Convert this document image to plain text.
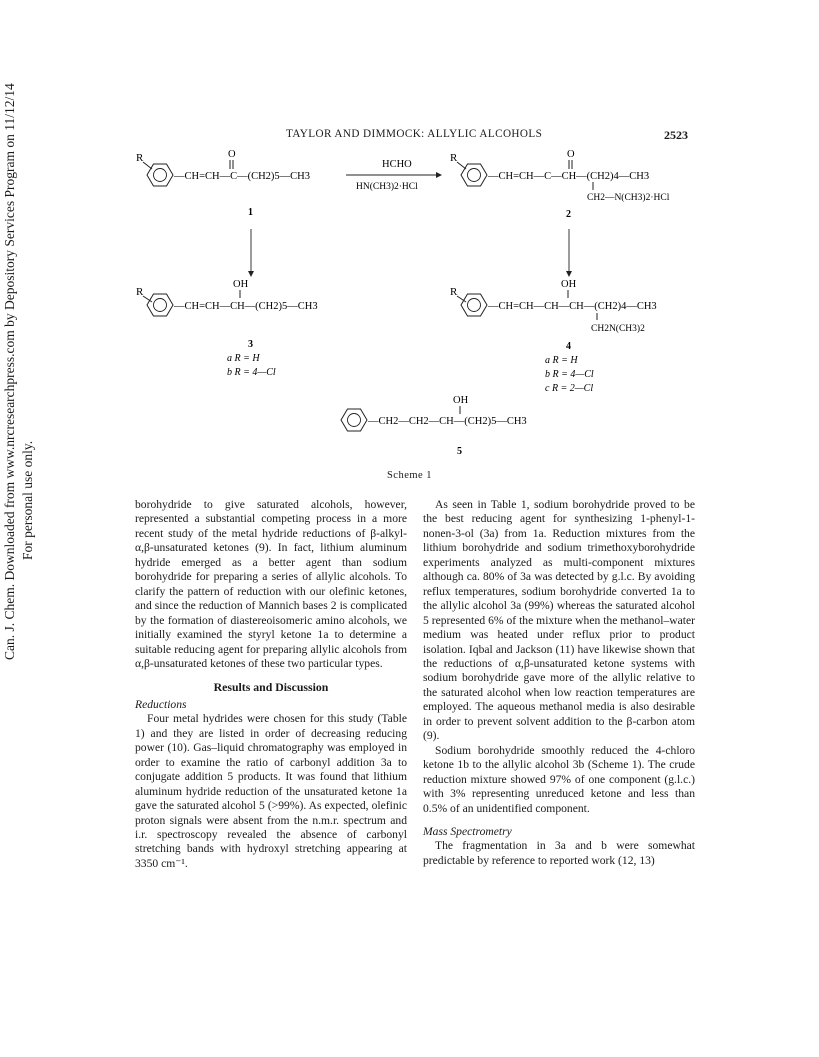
Can. J. Chem. Downloaded from www.nrcresearchpress.com by Depository Services Program on 11/12/14 For personal use only.
TAYLOR AND DIMMOCK: ALLYLIC ALCOHOLS	2523
R
—CH=CH—C—(CH2)5—CH3
O
1
HCHO
HN(CH3)2·HCl
R
—CH=CH—C—CH—(CH2)4—CH3
O
CH2—N(CH3)2·HCl
2
R
—CH=CH—CH—(CH2)5—CH3
OH
3
a R = H
b R = 4—Cl
R
—CH=CH—CH—CH—(CH2)4—CH3
OH
CH2N(CH3)2
4
a R = H
b R = 4—Cl
c R = 2—Cl
—CH2—CH2—CH—(CH2)5—CH3
OH
5
Scheme 1

borohydride to give saturated alcohols, however, represented a substantial competing process in a more recent study of the metal hydride reductions of β-alkyl-α,β-unsaturated ketones (9). In fact, lithium aluminum hydride emerged as a better agent than sodium borohydride for preparing a series of allylic alcohols. To clarify the pattern of reduction with our olefinic ketones, and since the reduction of Mannich bases 2 is complicated by the formation of diastereoisomeric amino alcohols, we initially examined the styryl ketone 1a to determine a suitable reducing agent for preparing allylic alcohols from α,β-unsaturated ketones of these two particular types.

Results and Discussion

Reductions

Four metal hydrides were chosen for this study (Table 1) and they are listed in order of decreasing reducing power (10). Gas–liquid chromatography was employed in order to examine the ratio of carbonyl addition 3a to conjugate addition 5 products. It was found that lithium aluminum hydride reduction of the unsaturated ketone 1a gave the saturated alcohol 5 (>99%). As expected, olefinic proton signals were absent from the n.m.r. spectrum and i.r. spectroscopy revealed the absence of carbonyl stretching bands with hydroxyl stretching appearing at 3350 cm⁻¹.

As seen in Table 1, sodium borohydride proved to be the best reducing agent for synthesizing 1-phenyl-1-nonen-3-ol (3a) from 1a. Reduction mixtures from the lithium borohydride and sodium trimethoxyborohydride experiments analyzed as multi-component mixtures although ca. 80% of 3a was detected by g.l.c. By avoiding reflux temperatures, sodium borohydride converted 1a to the allylic alcohol 3a (99%) whereas the saturated alcohol 5 represented 6% of the mixture when the methanol–water medium was heated under reflux prior to product isolation. Iqbal and Jackson (11) have likewise shown that the reductions of α,β-unsaturated ketone systems with sodium borohydride gave more of the allylic relative to the saturated alcohol when low reaction temperatures are employed. The aqueous methanol media is also desirable in order to prevent solvent addition to the β-carbon atom (9).

Sodium borohydride smoothly reduced the 4-chloro ketone 1b to the allylic alcohol 3b (Scheme 1). The crude reduction mixture showed 97% of one component (g.l.c.) with 3% representing unreduced ketone and less than 0.5% of an unidentified component.

Mass Spectrometry

The fragmentation in 3a and b were somewhat predictable by reference to reported work (12, 13)
